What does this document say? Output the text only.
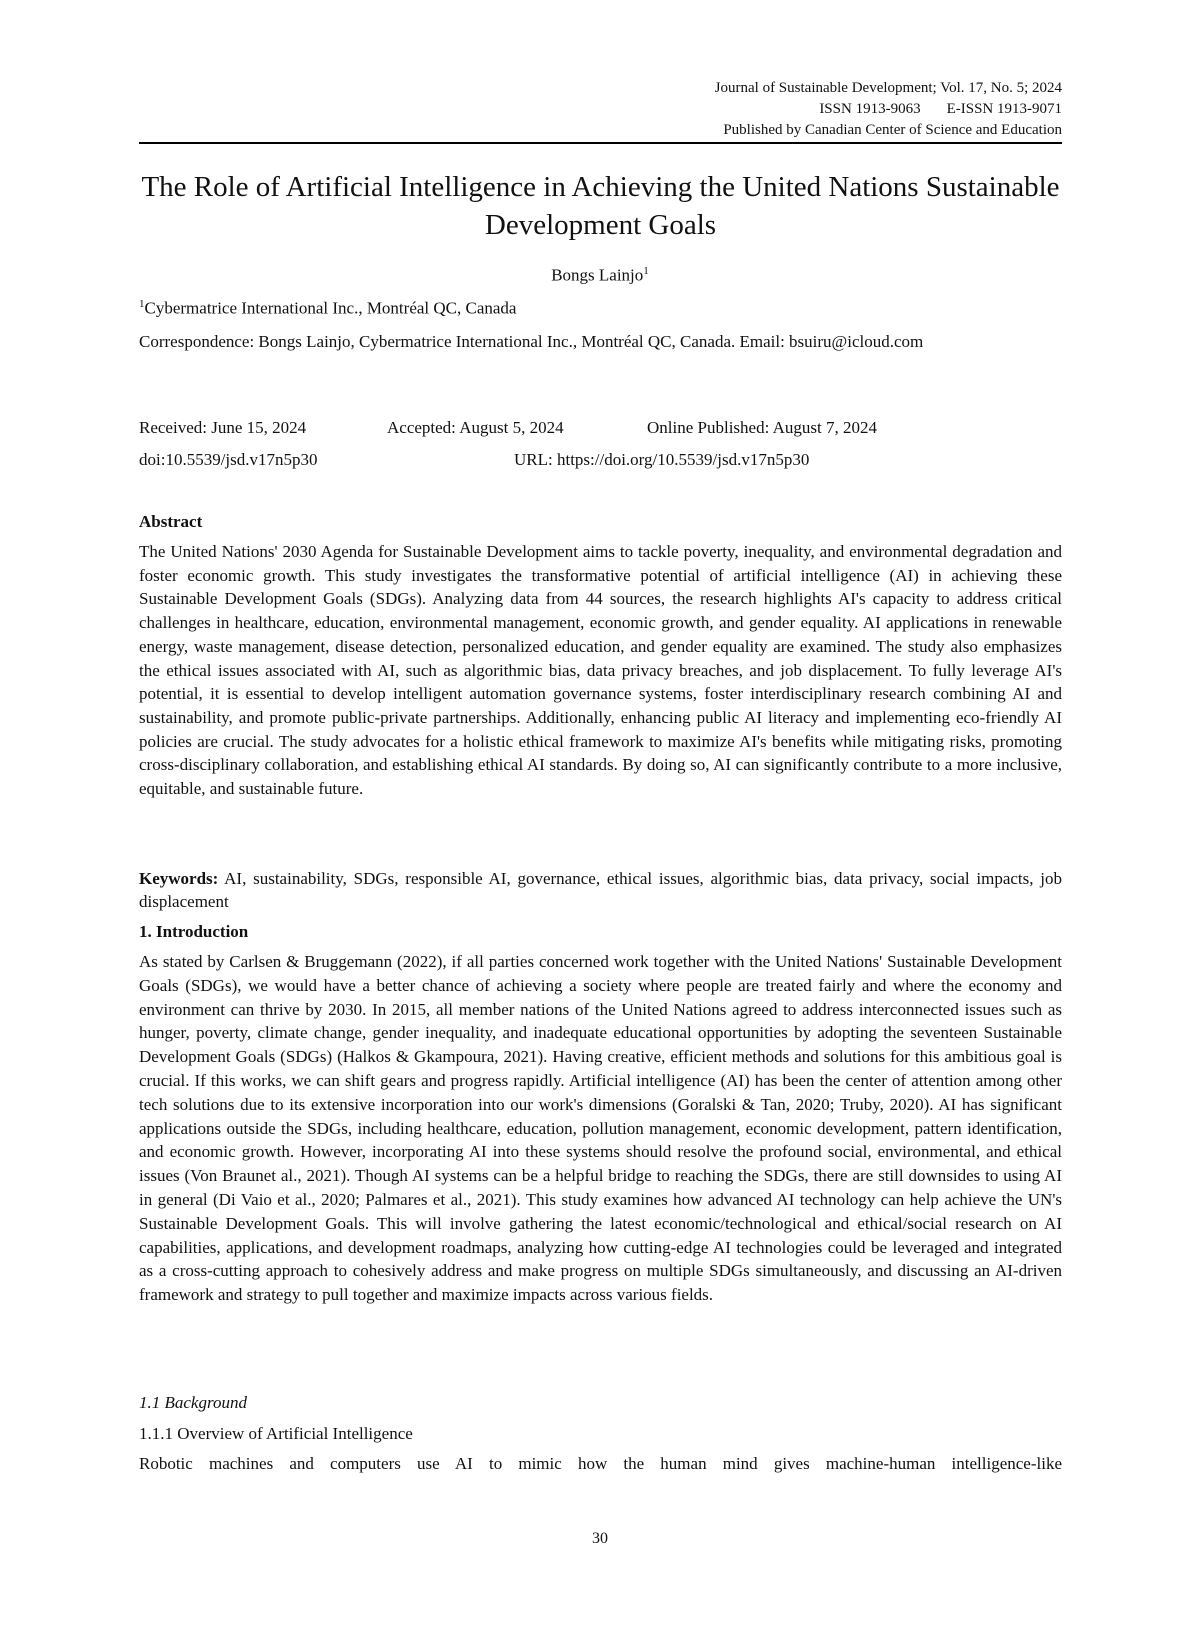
Journal of Sustainable Development; Vol. 17, No. 5; 2024
ISSN 1913-9063 E-ISSN 1913-9071
Published by Canadian Center of Science and Education
The Role of Artificial Intelligence in Achieving the United Nations Sustainable Development Goals
Bongs Lainjo$^1$
$^1$Cybermatrice International Inc., Montréal QC, Canada

Correspondence: Bongs Lainjo, Cybermatrice International Inc., Montréal QC, Canada. Email: bsuiru@icloud.com

Received: June 15, 2024	Accepted: August 5, 2024	Online Published: August 7, 2024
doi:10.5539/jsd.v17n5p30	URL: https://doi.org/10.5539/jsd.v17n5p30
Abstract

The United Nations' 2030 Agenda for Sustainable Development aims to tackle poverty, inequality, and environmental degradation and foster economic growth. This study investigates the transformative potential of artificial intelligence (AI) in achieving these Sustainable Development Goals (SDGs). Analyzing data from 44 sources, the research highlights AI's capacity to address critical challenges in healthcare, education, environmental management, economic growth, and gender equality. AI applications in renewable energy, waste management, disease detection, personalized education, and gender equality are examined. The study also emphasizes the ethical issues associated with AI, such as algorithmic bias, data privacy breaches, and job displacement. To fully leverage AI's potential, it is essential to develop intelligent automation governance systems, foster interdisciplinary research combining AI and sustainability, and promote public-private partnerships. Additionally, enhancing public AI literacy and implementing eco-friendly AI policies are crucial. The study advocates for a holistic ethical framework to maximize AI's benefits while mitigating risks, promoting cross-disciplinary collaboration, and establishing ethical AI standards. By doing so, AI can significantly contribute to a more inclusive, equitable, and sustainable future.

Keywords: AI, sustainability, SDGs, responsible AI, governance, ethical issues, algorithmic bias, data privacy, social impacts, job displacement

1. Introduction

As stated by Carlsen & Bruggemann (2022), if all parties concerned work together with the United Nations' Sustainable Development Goals (SDGs), we would have a better chance of achieving a society where people are treated fairly and where the economy and environment can thrive by 2030. In 2015, all member nations of the United Nations agreed to address interconnected issues such as hunger, poverty, climate change, gender inequality, and inadequate educational opportunities by adopting the seventeen Sustainable Development Goals (SDGs) (Halkos & Gkampoura, 2021). Having creative, efficient methods and solutions for this ambitious goal is crucial. If this works, we can shift gears and progress rapidly. Artificial intelligence (AI) has been the center of attention among other tech solutions due to its extensive incorporation into our work's dimensions (Goralski & Tan, 2020; Truby, 2020). AI has significant applications outside the SDGs, including healthcare, education, pollution management, economic development, pattern identification, and economic growth. However, incorporating AI into these systems should resolve the profound social, environmental, and ethical issues (Von Braunet al., 2021). Though AI systems can be a helpful bridge to reaching the SDGs, there are still downsides to using AI in general (Di Vaio et al., 2020; Palmares et al., 2021). This study examines how advanced AI technology can help achieve the UN's Sustainable Development Goals. This will involve gathering the latest economic/technological and ethical/social research on AI capabilities, applications, and development roadmaps, analyzing how cutting-edge AI technologies could be leveraged and integrated as a cross-cutting approach to cohesively address and make progress on multiple SDGs simultaneously, and discussing an AI-driven framework and strategy to pull together and maximize impacts across various fields.

1.1 Background
1.1.1 Overview of Artificial Intelligence
Robotic machines and computers use AI to mimic how the human mind gives machine-human intelligence-like
30
